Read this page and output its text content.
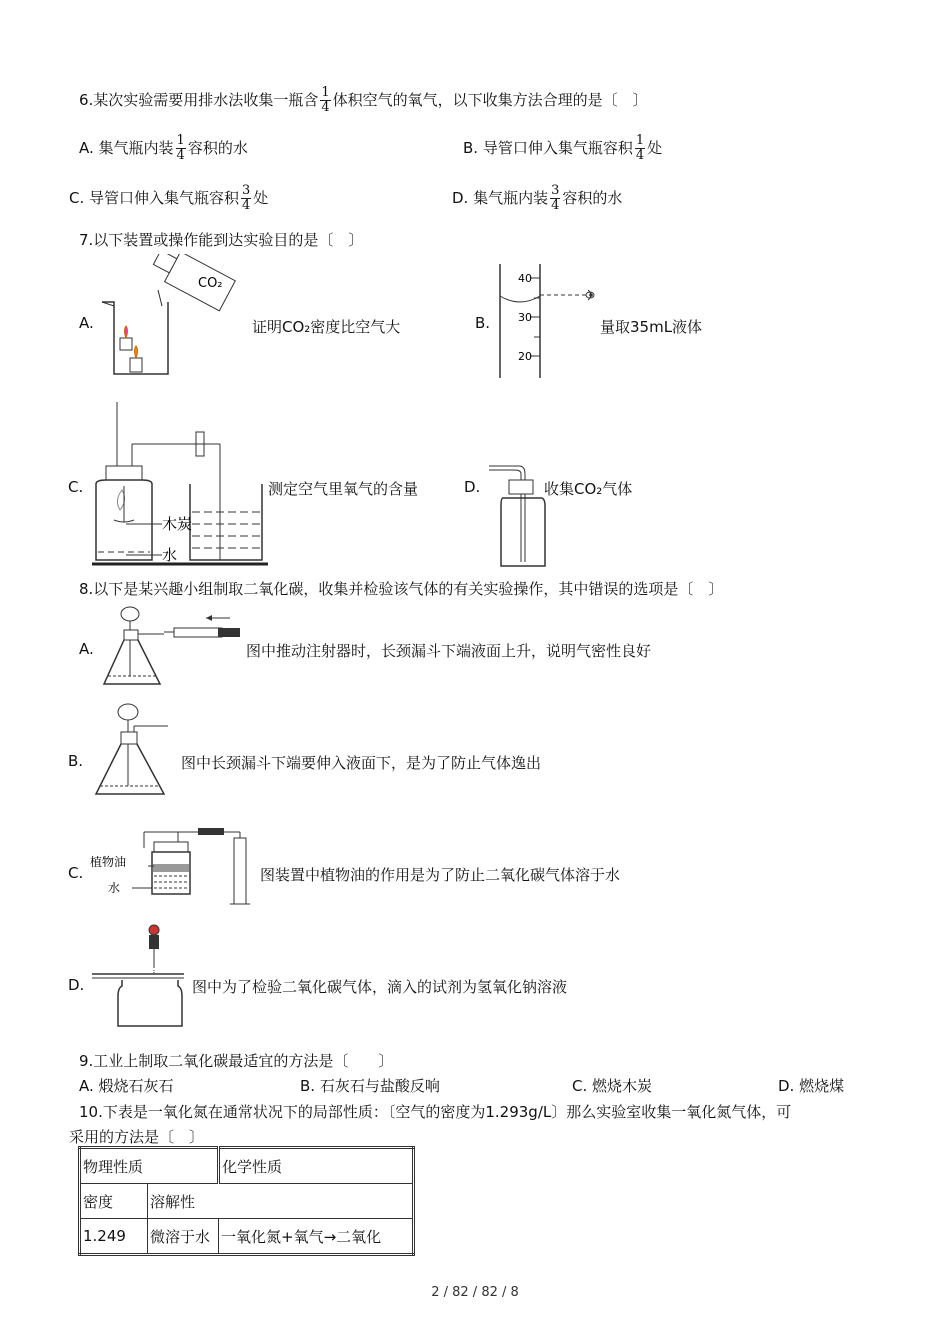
6.某次实验需要用排水法收集一瓶含 $\frac{1}{4}$ 体积空气的氧气，以下收集方法合理的是〔　〕
A. 集气瓶内装 $\frac{1}{4}$ 容积的水	B. 导管口伸入集气瓶容积 $\frac{1}{4}$ 处
C. 导管口伸入集气瓶容积 $\frac{3}{4}$ 处	D. 集气瓶内装 $\frac{3}{4}$ 容积的水
7.以下装置或操作能到达实验目的是〔　〕
A.
CO₂
证明CO₂密度比空气大	B.
40
30
20
量取35mL液体
C.
木炭
水
测定空气里氧气的含量	D.	收集CO₂气体
8.以下是某兴趣小组制取二氧化碳，收集并检验该气体的有关实验操作，其中错误的选项是〔　〕
A.	图中推动注射器时，长颈漏斗下端液面上升，说明气密性良好
B.	图中长颈漏斗下端要伸入液面下，是为了防止气体逸出
C.
植物油
水
图装置中植物油的作用是为了防止二氧化碳气体溶于水
D.	图中为了检验二氧化碳气体，滴入的试剂为氢氧化钠溶液
9.工业上制取二氧化碳最适宜的方法是〔　　〕
A. 煅烧石灰石	B. 石灰石与盐酸反响	C. 燃烧木炭	D. 燃烧煤
10.下表是一氧化氮在通常状况下的局部性质：〔空气的密度为1.293g/L〕那么实验室收集一氧化氮气体，可
采用的方法是〔　〕
物理性质		化学性质
密度	溶解性	
1.249	微溶于水	一氧化氮+氧气→二氧化
2 / 82 / 82 / 8
